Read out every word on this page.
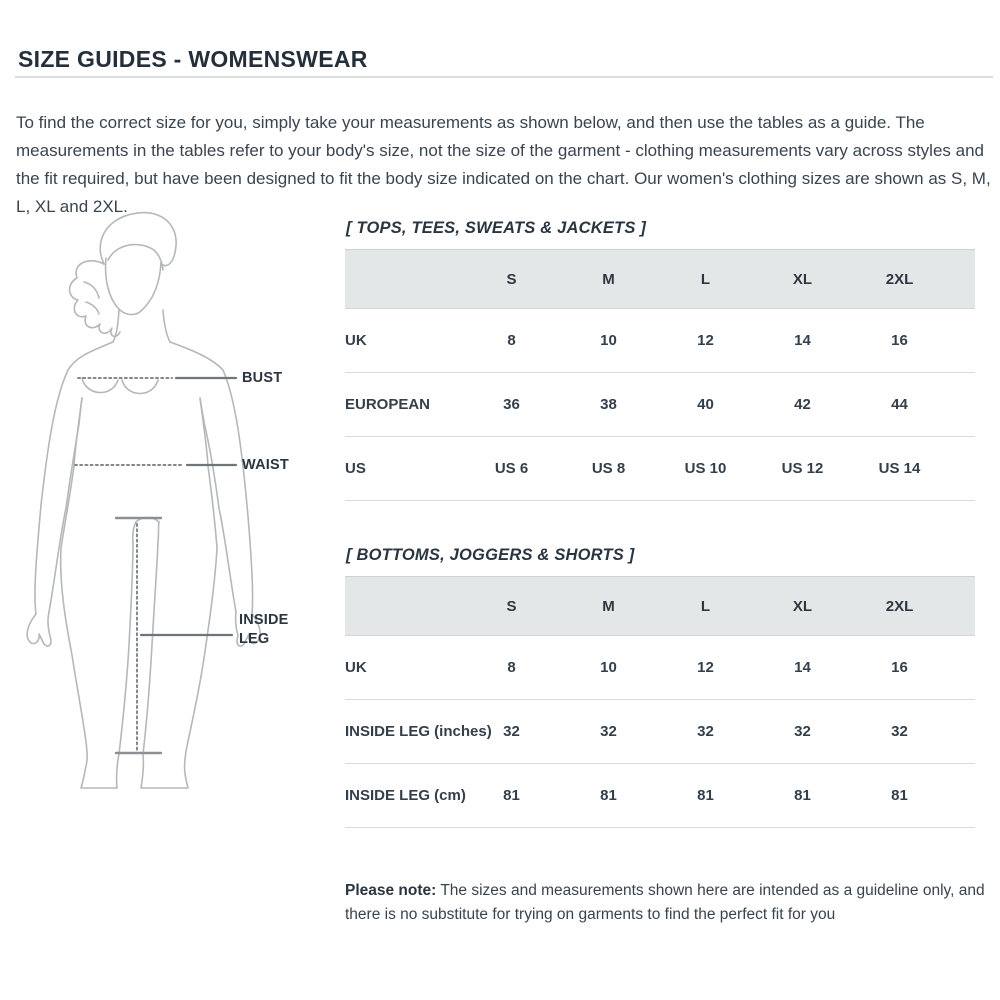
SIZE GUIDES - WOMENSWEAR

To find the correct size for you, simply take your measurements as shown below, and then use the tables as a guide. The measurements in the tables refer to your body's size, not the size of the garment - clothing measurements vary across styles and the fit required, but have been designed to fit the body size indicated on the chart. Our women's clothing sizes are shown as S, M, L, XL and 2XL.

BUST
WAIST
INSIDE
LEG
[ TOPS, TEES, SWEATS & JACKETS ]
	S	M	L	XL	2XL	
UK	8	10	12	14	16	
EUROPEAN	36	38	40	42	44	
US	US 6	US 8	US 10	US 12	US 14	
[ BOTTOMS, JOGGERS & SHORTS ]
	S	M	L	XL	2XL	
UK	8	10	12	14	16	
INSIDE LEG (inches)	32	32	32	32	32	
INSIDE LEG (cm)	81	81	81	81	81	

Please note: The sizes and measurements shown here are intended as a guideline only, and there is no substitute for trying on garments to find the perfect fit for you
